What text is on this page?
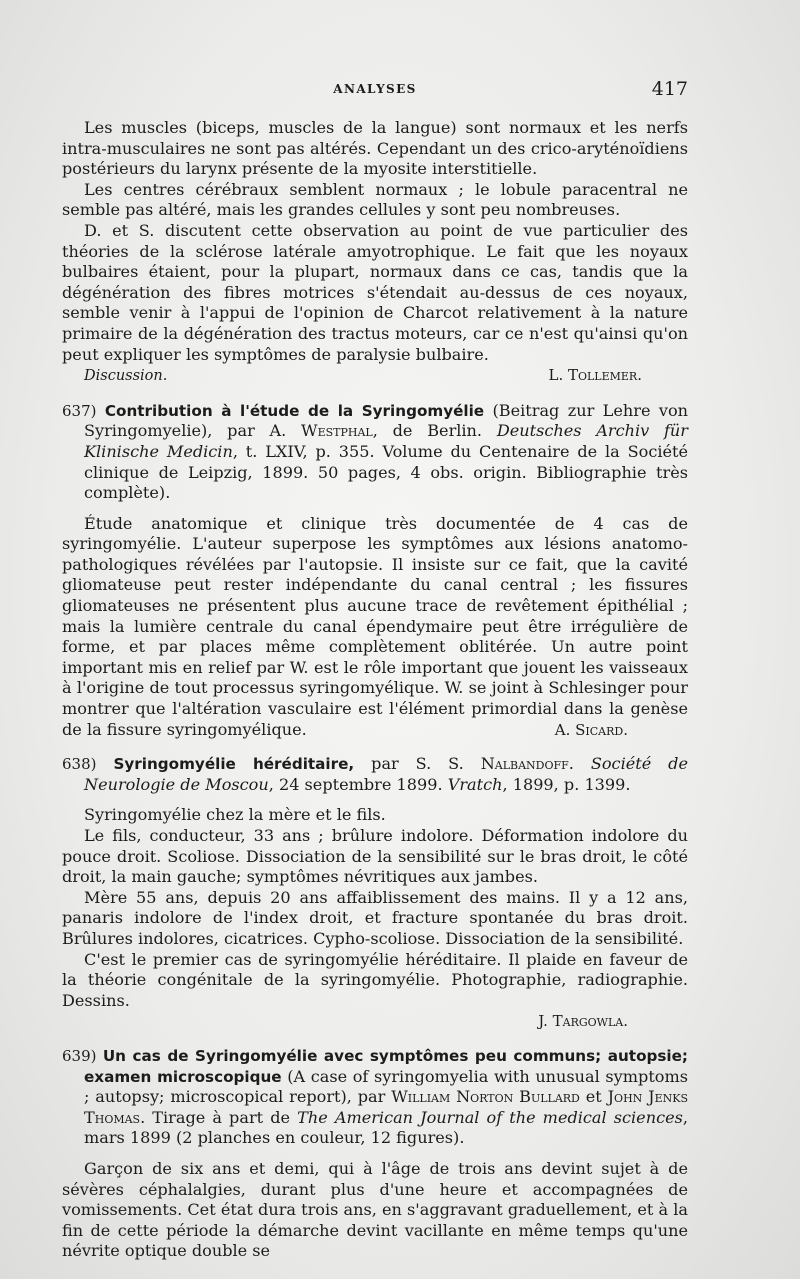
ANALYSES	417

Les muscles (biceps, muscles de la langue) sont normaux et les nerfs intra-musculaires ne sont pas altérés. Cependant un des crico-aryténoïdiens postérieurs du larynx présente de la myosite interstitielle.

Les centres cérébraux semblent normaux ; le lobule paracentral ne semble pas altéré, mais les grandes cellules y sont peu nombreuses.

D. et S. discutent cette observation au point de vue particulier des théories de la sclérose latérale amyotrophique. Le fait que les noyaux bulbaires étaient, pour la plupart, normaux dans ce cas, tandis que la dégénération des fibres motrices s'étendait au-dessus de ces noyaux, semble venir à l'appui de l'opinion de Charcot relativement à la nature primaire de la dégénération des tractus moteurs, car ce n'est qu'ainsi qu'on peut expliquer les symptômes de paralysie bulbaire.

Discussion.	L. Tollemer.

637) Contribution à l'étude de la Syringomyélie (Beitrag zur Lehre von Syringomyelie), par A. Westphal, de Berlin. Deutsches Archiv für Klinische Medicin, t. LXIV, p. 355. Volume du Centenaire de la Société clinique de Leipzig, 1899. 50 pages, 4 obs. origin. Bibliographie très complète).

Étude anatomique et clinique très documentée de 4 cas de syringomyélie. L'auteur superpose les symptômes aux lésions anatomo-pathologiques révélées par l'autopsie. Il insiste sur ce fait, que la cavité gliomateuse peut rester indépendante du canal central ; les fissures gliomateuses ne présentent plus aucune trace de revêtement épithélial ; mais la lumière centrale du canal épendymaire peut être irrégulière de forme, et par places même complètement oblitérée. Un autre point important mis en relief par W. est le rôle important que jouent les vaisseaux à l'origine de tout processus syringomyélique. W. se joint à Schlesinger pour montrer que l'altération vasculaire est l'élément primordial dans la genèse de la fissure syringomyélique.	A. Sicard.

638) Syringomyélie héréditaire, par S. S. Nalbandoff. Société de Neurologie de Moscou, 24 septembre 1899. Vratch, 1899, p. 1399.

Syringomyélie chez la mère et le fils.

Le fils, conducteur, 33 ans ; brûlure indolore. Déformation indolore du pouce droit. Scoliose. Dissociation de la sensibilité sur le bras droit, le côté droit, la main gauche; symptômes névritiques aux jambes.

Mère 55 ans, depuis 20 ans affaiblissement des mains. Il y a 12 ans, panaris indolore de l'index droit, et fracture spontanée du bras droit. Brûlures indolores, cicatrices. Cypho-scoliose. Dissociation de la sensibilité.

C'est le premier cas de syringomyélie héréditaire. Il plaide en faveur de la théorie congénitale de la syringomyélie. Photographie, radiographie. Dessins.

J. Targowla.

639) Un cas de Syringomyélie avec symptômes peu communs; autopsie; examen microscopique (A case of syringomyelia with unusual symptoms ; autopsy; microscopical report), par William Norton Bullard et John Jenks Thomas. Tirage à part de The American Journal of the medical sciences, mars 1899 (2 planches en couleur, 12 figures).

Garçon de six ans et demi, qui à l'âge de trois ans devint sujet à de sévères céphalalgies, durant plus d'une heure et accompagnées de vomissements. Cet état dura trois ans, en s'aggravant graduellement, et à la fin de cette période la démarche devint vacillante en même temps qu'une névrite optique double se
